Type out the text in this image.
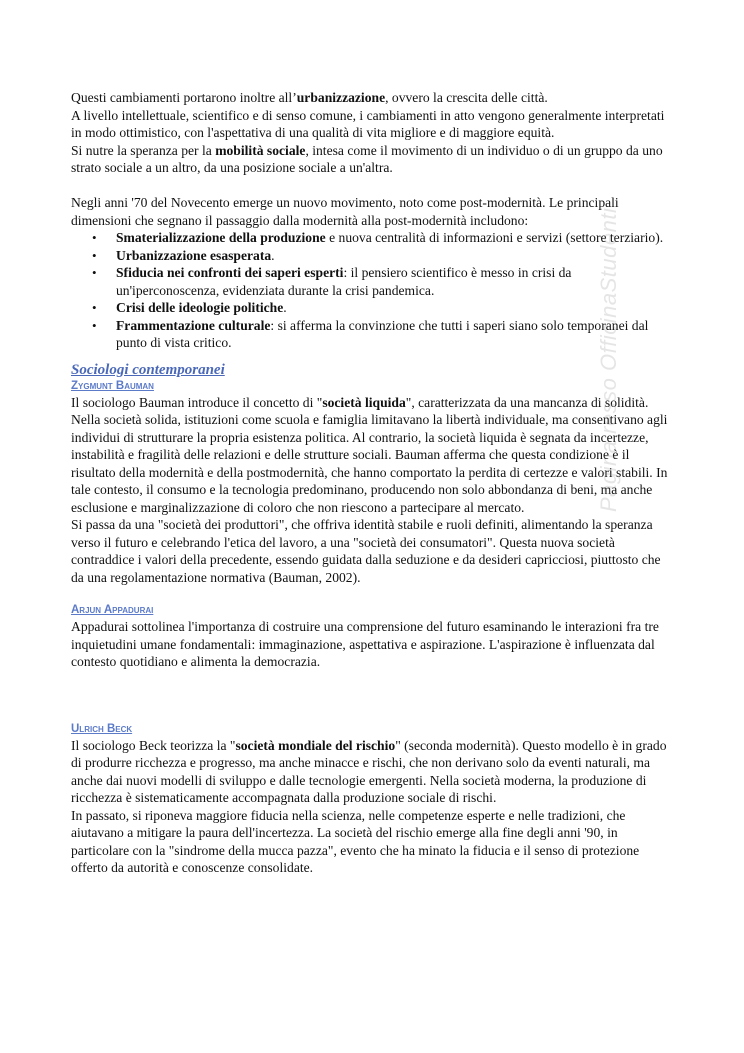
Questi cambiamenti portarono inoltre all’urbanizzazione, ovvero la crescita delle città.

A livello intellettuale, scientifico e di senso comune, i cambiamenti in atto vengono generalmente interpretati in modo ottimistico, con l'aspettativa di una qualità di vita migliore e di maggiore equità.

Si nutre la speranza per la mobilità sociale, intesa come il movimento di un individuo o di un gruppo da uno strato sociale a un altro, da una posizione sociale a un'altra.

Negli anni '70 del Novecento emerge un nuovo movimento, noto come post-modernità. Le principali dimensioni che segnano il passaggio dalla modernità alla post-modernità includono:

• Smaterializzazione della produzione e nuova centralità di informazioni e servizi (settore terziario).
• Urbanizzazione esasperata.
• Sfiducia nei confronti dei saperi esperti: il pensiero scientifico è messo in crisi da un'iperconoscenza, evidenziata durante la crisi pandemica.
• Crisi delle ideologie politiche.
• Frammentazione culturale: si afferma la convinzione che tutti i saperi siano solo temporanei dal punto di vista critico.
Sociologi contemporanei
Zygmunt Bauman

Il sociologo Bauman introduce il concetto di "società liquida", caratterizzata da una mancanza di solidità. Nella società solida, istituzioni come scuola e famiglia limitavano la libertà individuale, ma consentivano agli individui di strutturare la propria esistenza politica. Al contrario, la società liquida è segnata da incertezze, instabilità e fragilità delle relazioni e delle strutture sociali. Bauman afferma che questa condizione è il risultato della modernità e della postmodernità, che hanno comportato la perdita di certezze e valori stabili. In tale contesto, il consumo e la tecnologia predominano, producendo non solo abbondanza di beni, ma anche esclusione e marginalizzazione di coloro che non riescono a partecipare al mercato.

Si passa da una "società dei produttori", che offriva identità stabile e ruoli definiti, alimentando la speranza verso il futuro e celebrando l'etica del lavoro, a una "società dei consumatori". Questa nuova società contraddice i valori della precedente, essendo guidata dalla seduzione e da desideri capricciosi, piuttosto che da una regolamentazione normativa (Bauman, 2002).

Arjun Appadurai

Appadurai sottolinea l'importanza di costruire una comprensione del futuro esaminando le interazioni fra tre inquietudini umane fondamentali: immaginazione, aspettativa e aspirazione. L'aspirazione è influenzata dal contesto quotidiano e alimenta la democrazia.

Ulrich Beck

Il sociologo Beck teorizza la "società mondiale del rischio" (seconda modernità). Questo modello è in grado di produrre ricchezza e progresso, ma anche minacce e rischi, che non derivano solo da eventi naturali, ma anche dai nuovi modelli di sviluppo e dalle tecnologie emergenti. Nella società moderna, la produzione di ricchezza è sistematicamente accompagnata dalla produzione sociale di rischi.

In passato, si riponeva maggiore fiducia nella scienza, nelle competenze esperte e nelle tradizioni, che aiutavano a mitigare la paura dell'incertezza. La società del rischio emerge alla fine degli anni '90, in particolare con la "sindrome della mucca pazza", evento che ha minato la fiducia e il senso di protezione offerto da autorità e conoscenze consolidate.

Pagina resso OfficinaStudenti
